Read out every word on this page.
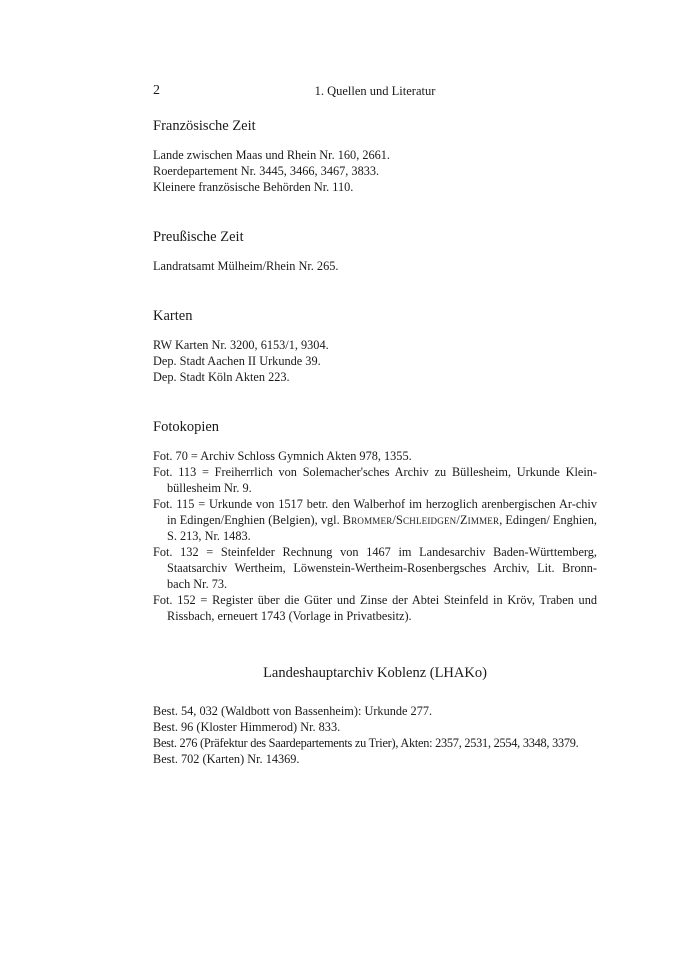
2	1. Quellen und Literatur
Französische Zeit
Lande zwischen Maas und Rhein Nr. 160, 2661.
Roerdepartement Nr. 3445, 3466, 3467, 3833.
Kleinere französische Behörden Nr. 110.
Preußische Zeit
Landratsamt Mülheim/Rhein Nr. 265.
Karten
RW Karten Nr. 3200, 6153/1, 9304.
Dep. Stadt Aachen II Urkunde 39.
Dep. Stadt Köln Akten 223.
Fotokopien
Fot. 70 = Archiv Schloss Gymnich Akten 978, 1355.
Fot. 113 = Freiherrlich von Solemacher'sches Archiv zu Büllesheim, Urkunde Klein-büllesheim Nr. 9.
Fot. 115 = Urkunde von 1517 betr. den Walberhof im herzoglich arenbergischen Ar-chiv in Edingen/Enghien (Belgien), vgl. Brommer/Schleidgen/Zimmer, Edingen/ Enghien, S. 213, Nr. 1483.
Fot. 132 = Steinfelder Rechnung von 1467 im Landesarchiv Baden-Württemberg, Staatsarchiv Wertheim, Löwenstein-Wertheim-Rosenbergsches Archiv, Lit. Bronn-bach Nr. 73.
Fot. 152 = Register über die Güter und Zinse der Abtei Steinfeld in Kröv, Traben und Rissbach, erneuert 1743 (Vorlage in Privatbesitz).
Landeshauptarchiv Koblenz (LHAKo)
Best. 54, 032 (Waldbott von Bassenheim): Urkunde 277.
Best. 96 (Kloster Himmerod) Nr. 833.
Best. 276 (Präfektur des Saardepartements zu Trier), Akten: 2357, 2531, 2554, 3348, 3379.
Best. 702 (Karten) Nr. 14369.
